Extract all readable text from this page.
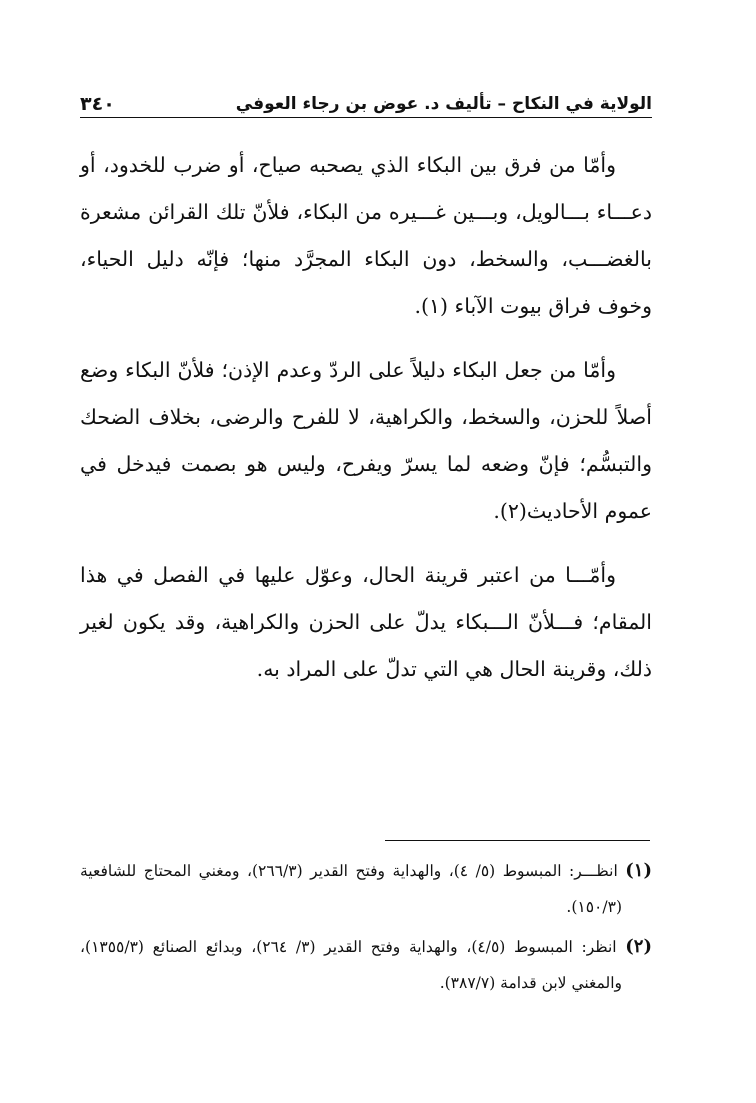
الولاية في النكاح – تأليف د. عوض بن رجاء العوفي
٣٤٠

وأمّا من فرق بين البكاء الذي يصحبه صياح، أو ضرب للخدود، أو دعـــاء بـــالويل، وبـــين غـــيره من البكاء، فلأنّ تلك القرائن مشعرة بالغضـــب، والسخط، دون البكاء المجرَّد منها؛ فإنّه دليل الحياء، وخوف فراق بيوت الآباء (١).

وأمّا من جعل البكاء دليلاً على الردّ وعدم الإذن؛ فلأنّ البكاء وضع أصلاً للحزن، والسخط، والكراهية، لا للفرح والرضى، بخلاف الضحك والتبسُّم؛ فإنّ وضعه لما يسرّ ويفرح، وليس هو بصمت فيدخل في عموم الأحاديث(٢).

وأمّـــا من اعتبر قرينة الحال، وعوّل عليها في الفصل في هذا المقام؛ فـــلأنّ الـــبكاء يدلّ على الحزن والكراهية، وقد يكون لغير ذلك، وقرينة الحال هي التي تدلّ على المراد به.

(١) انظـــر: المبسوط (٥/ ٤)، والهداية وفتح القدير (٢٦٦/٣)، ومغني المحتاج للشافعية (١٥٠/٣).

(٢) انظر: المبسوط (٤/٥)، والهداية وفتح القدير (٣/ ٢٦٤)، وبدائع الصنائع (١٣٥٥/٣)، والمغني لابن قدامة (٣٨٧/٧).
